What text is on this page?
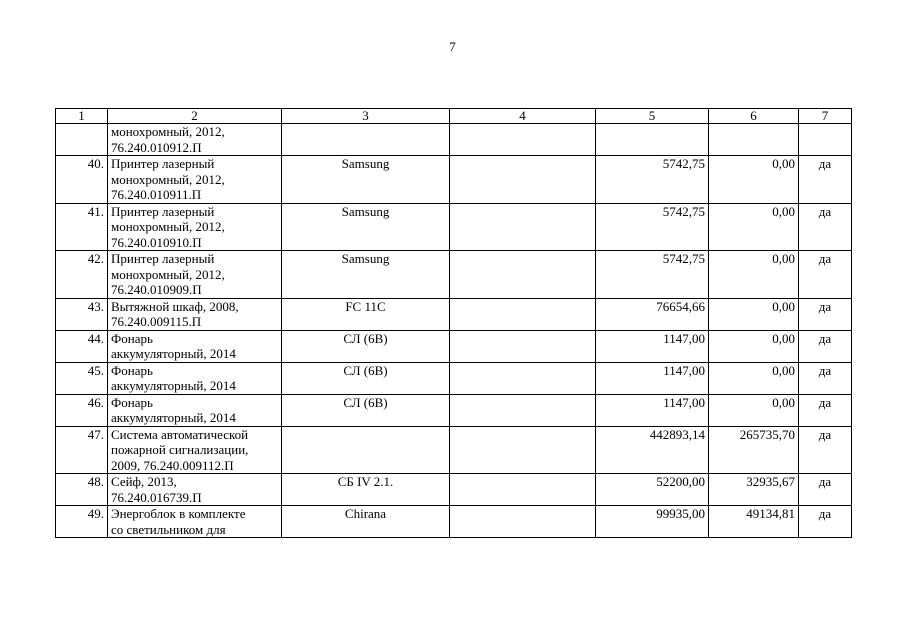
7
1	2	3	4	5	6	7
	монохромный, 2012,
76.240.010912.П					
40.	Принтер лазерный
монохромный, 2012,
76.240.010911.П	Samsung		5742,75	0,00	да
41.	Принтер лазерный
монохромный, 2012,
76.240.010910.П	Samsung		5742,75	0,00	да
42.	Принтер лазерный
монохромный, 2012,
76.240.010909.П	Samsung		5742,75	0,00	да
43.	Вытяжной шкаф, 2008,
76.240.009115.П	FC 11C		76654,66	0,00	да
44.	Фонарь
аккумуляторный, 2014	СЛ (6В)		1147,00	0,00	да
45.	Фонарь
аккумуляторный, 2014	СЛ (6В)		1147,00	0,00	да
46.	Фонарь
аккумуляторный, 2014	СЛ (6В)		1147,00	0,00	да
47.	Система автоматической
пожарной сигнализации,
2009, 76.240.009112.П			442893,14	265735,70	да
48.	Сейф, 2013,
76.240.016739.П	СБ IV 2.1.		52200,00	32935,67	да
49.	Энергоблок в комплекте
со светильником для	Chirana		99935,00	49134,81	да
